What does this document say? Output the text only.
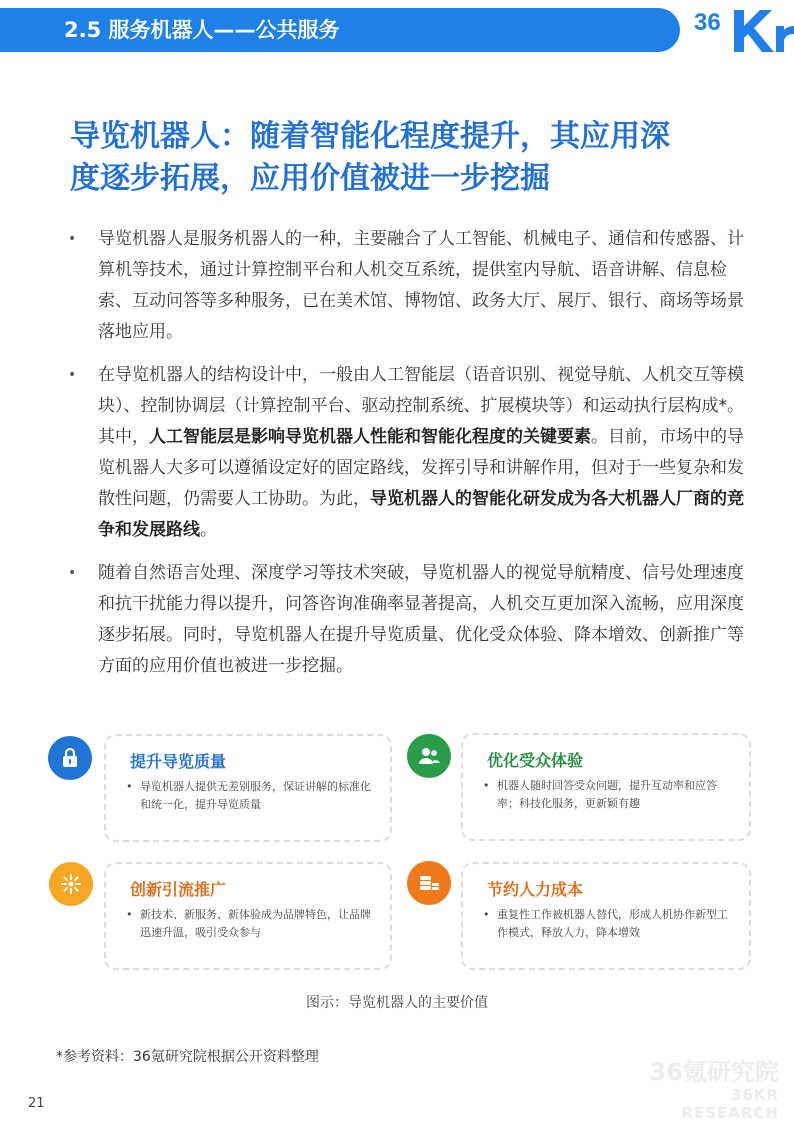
2.5 服务机器人——公共服务	36
导览机器人：随着智能化程度提升，其应用深
度逐步拓展，应用价值被进一步挖掘
• 导览机器人是服务机器人的一种，主要融合了人工智能、机械电子、通信和传感器、计算机等技术，通过计算控制平台和人机交互系统，提供室内导航、语音讲解、信息检索、互动问答等多种服务，已在美术馆、博物馆、政务大厅、展厅、银行、商场等场景落地应用。
• 在导览机器人的结构设计中，一般由人工智能层（语音识别、视觉导航、人机交互等模块）、控制协调层（计算控制平台、驱动控制系统、扩展模块等）和运动执行层构成*。其中，人工智能层是影响导览机器人性能和智能化程度的关键要素。目前，市场中的导览机器人大多可以遵循设定好的固定路线，发挥引导和讲解作用，但对于一些复杂和发散性问题，仍需要人工协助。为此，导览机器人的智能化研发成为各大机器人厂商的竞争和发展路线。
• 随着自然语言处理、深度学习等技术突破，导览机器人的视觉导航精度、信号处理速度和抗干扰能力得以提升，问答咨询准确率显著提高，人机交互更加深入流畅，应用深度逐步拓展。同时，导览机器人在提升导览质量、优化受众体验、降本增效、创新推广等方面的应用价值也被进一步挖掘。
提升导览质量
• 导览机器人提供无差别服务，保证讲解的标准化和统一化，提升导览质量
优化受众体验
• 机器人随时回答受众问题，提升互动率和应答率；科技化服务，更新颖有趣
创新引流推广
• 新技术、新服务、新体验成为品牌特色，让品牌迅速升温，吸引受众参与
节约人力成本
• 重复性工作被机器人替代，形成人机协作新型工作模式，释放人力，降本增效
图示：导览机器人的主要价值
*参考资料：36氪研究院根据公开资料整理
21
36氪研究院
36KR RESEARCH
